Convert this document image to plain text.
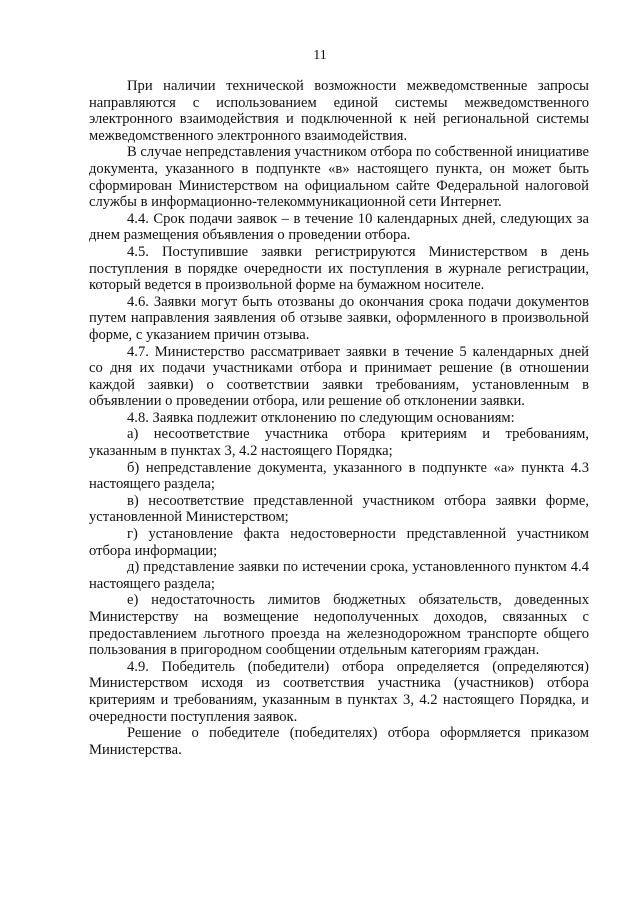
11

При наличии технической возможности межведомственные запросы направляются с использованием единой системы межведомственного электронного взаимодействия и подключенной к ней региональной системы межведомственного электронного взаимодействия.

В случае непредставления участником отбора по собственной инициативе документа, указанного в подпункте «в» настоящего пункта, он может быть сформирован Министерством на официальном сайте Федеральной налоговой службы в информационно-телекоммуникационной сети Интернет.

4.4. Срок подачи заявок – в течение 10 календарных дней, следующих за днем размещения объявления о проведении отбора.

4.5. Поступившие заявки регистрируются Министерством в день поступления в порядке очередности их поступления в журнале регистрации, который ведется в произвольной форме на бумажном носителе.

4.6. Заявки могут быть отозваны до окончания срока подачи документов путем направления заявления об отзыве заявки, оформленного в произвольной форме, с указанием причин отзыва.

4.7. Министерство рассматривает заявки в течение 5 календарных дней со дня их подачи участниками отбора и принимает решение (в отношении каждой заявки) о соответствии заявки требованиям, установленным в объявлении о проведении отбора, или решение об отклонении заявки.

4.8. Заявка подлежит отклонению по следующим основаниям:

а) несоответствие участника отбора критериям и требованиям, указанным в пунктах 3, 4.2 настоящего Порядка;

б) непредставление документа, указанного в подпункте «а» пункта 4.3 настоящего раздела;

в) несоответствие представленной участником отбора заявки форме, установленной Министерством;

г) установление факта недостоверности представленной участником отбора информации;

д) представление заявки по истечении срока, установленного пунктом 4.4 настоящего раздела;

е) недостаточность лимитов бюджетных обязательств, доведенных Министерству на возмещение недополученных доходов, связанных с предоставлением льготного проезда на железнодорожном транспорте общего пользования в пригородном сообщении отдельным категориям граждан.

4.9. Победитель (победители) отбора определяется (определяются) Министерством исходя из соответствия участника (участников) отбора критериям и требованиям, указанным в пунктах 3, 4.2 настоящего Порядка, и очередности поступления заявок.

Решение о победителе (победителях) отбора оформляется приказом Министерства.
